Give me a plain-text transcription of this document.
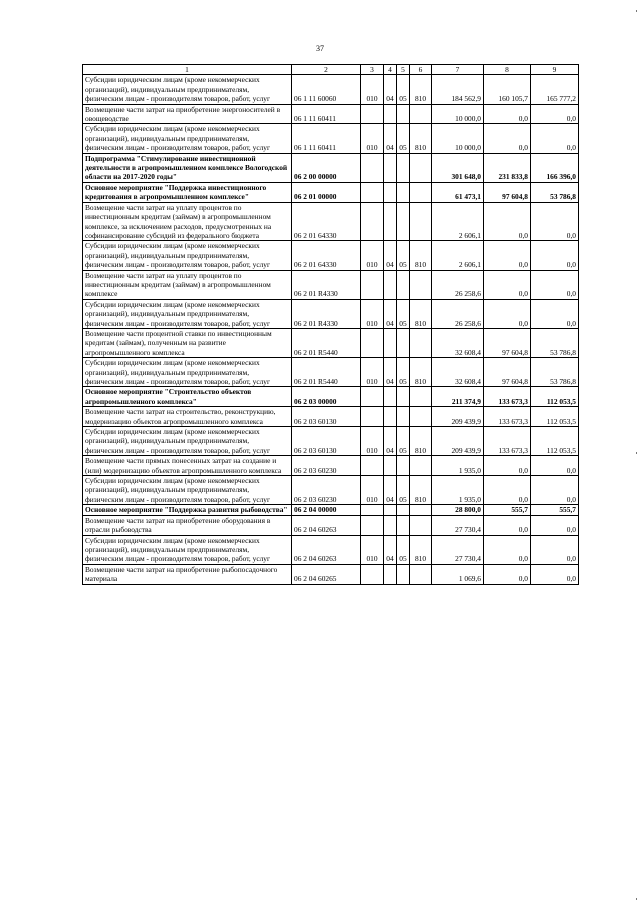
37
1	2	3	4	5	6	7	8	9
Субсидии юридическим лицам (кроме некоммерческих организаций), индивидуальным предпринимателям, физическим лицам - производителям товаров, работ, услуг	06 1 11 60060	010	04	05	810	184 562,9	160 105,7	165 777,2
Возмещение части затрат на приобретение энергоносителей в овощеводстве	06 1 11 60411					10 000,0	0,0	0,0
Субсидии юридическим лицам (кроме некоммерческих организаций), индивидуальным предпринимателям, физическим лицам - производителям товаров, работ, услуг	06 1 11 60411	010	04	05	810	10 000,0	0,0	0,0
Подпрограмма "Стимулирование инвестиционной деятельности в агропромышленном комплексе Вологодской области на 2017-2020 годы"	06 2 00 00000					301 648,0	231 833,8	166 396,0
Основное мероприятие "Поддержка инвестиционного кредитования в агропромышленном комплексе"	06 2 01 00000					61 473,1	97 604,8	53 786,8
Возмещение части затрат на уплату процентов по инвестиционным кредитам (займам) в агропромышленном комплексе, за исключением расходов, предусмотренных на софинансирование субсидий из федерального бюджета	06 2 01 64330					2 606,1	0,0	0,0
Субсидии юридическим лицам (кроме некоммерческих организаций), индивидуальным предпринимателям, физическим лицам - производителям товаров, работ, услуг	06 2 01 64330	010	04	05	810	2 606,1	0,0	0,0
Возмещение части затрат на уплату процентов по инвестиционным кредитам (займам) в агропромышленном комплексе	06 2 01 R4330					26 258,6	0,0	0,0
Субсидии юридическим лицам (кроме некоммерческих организаций), индивидуальным предпринимателям, физическим лицам - производителям товаров, работ, услуг	06 2 01 R4330	010	04	05	810	26 258,6	0,0	0,0
Возмещение части процентной ставки по инвестиционным кредитам (займам), полученным на развитие агропромышленного комплекса	06 2 01 R5440					32 608,4	97 604,8	53 786,8
Субсидии юридическим лицам (кроме некоммерческих организаций), индивидуальным предпринимателям, физическим лицам - производителям товаров, работ, услуг	06 2 01 R5440	010	04	05	810	32 608,4	97 604,8	53 786,8
Основное мероприятие "Строительство объектов агропромышленного комплекса"	06 2 03 00000					211 374,9	133 673,3	112 053,5
Возмещение части затрат на строительство, реконструкцию, модернизацию объектов агропромышленного комплекса	06 2 03 60130					209 439,9	133 673,3	112 053,5
Субсидии юридическим лицам (кроме некоммерческих организаций), индивидуальным предпринимателям, физическим лицам - производителям товаров, работ, услуг	06 2 03 60130	010	04	05	810	209 439,9	133 673,3	112 053,5
Возмещение части прямых понесенных затрат на создание и (или) модернизацию объектов агропромышленного комплекса	06 2 03 60230					1 935,0	0,0	0,0
Субсидии юридическим лицам (кроме некоммерческих организаций), индивидуальным предпринимателям, физическим лицам - производителям товаров, работ, услуг	06 2 03 60230	010	04	05	810	1 935,0	0,0	0,0
Основное мероприятие "Поддержка развития рыбоводства"	06 2 04 00000					28 800,0	555,7	555,7
Возмещение части затрат на приобретение оборудования в отрасли рыбоводства	06 2 04 60263					27 730,4	0,0	0,0
Субсидии юридическим лицам (кроме некоммерческих организаций), индивидуальным предпринимателям, физическим лицам - производителям товаров, работ, услуг	06 2 04 60263	010	04	05	810	27 730,4	0,0	0,0
Возмещение части затрат на приобретение рыбопосадочного материала	06 2 04 60265					1 069,6	0,0	0,0
